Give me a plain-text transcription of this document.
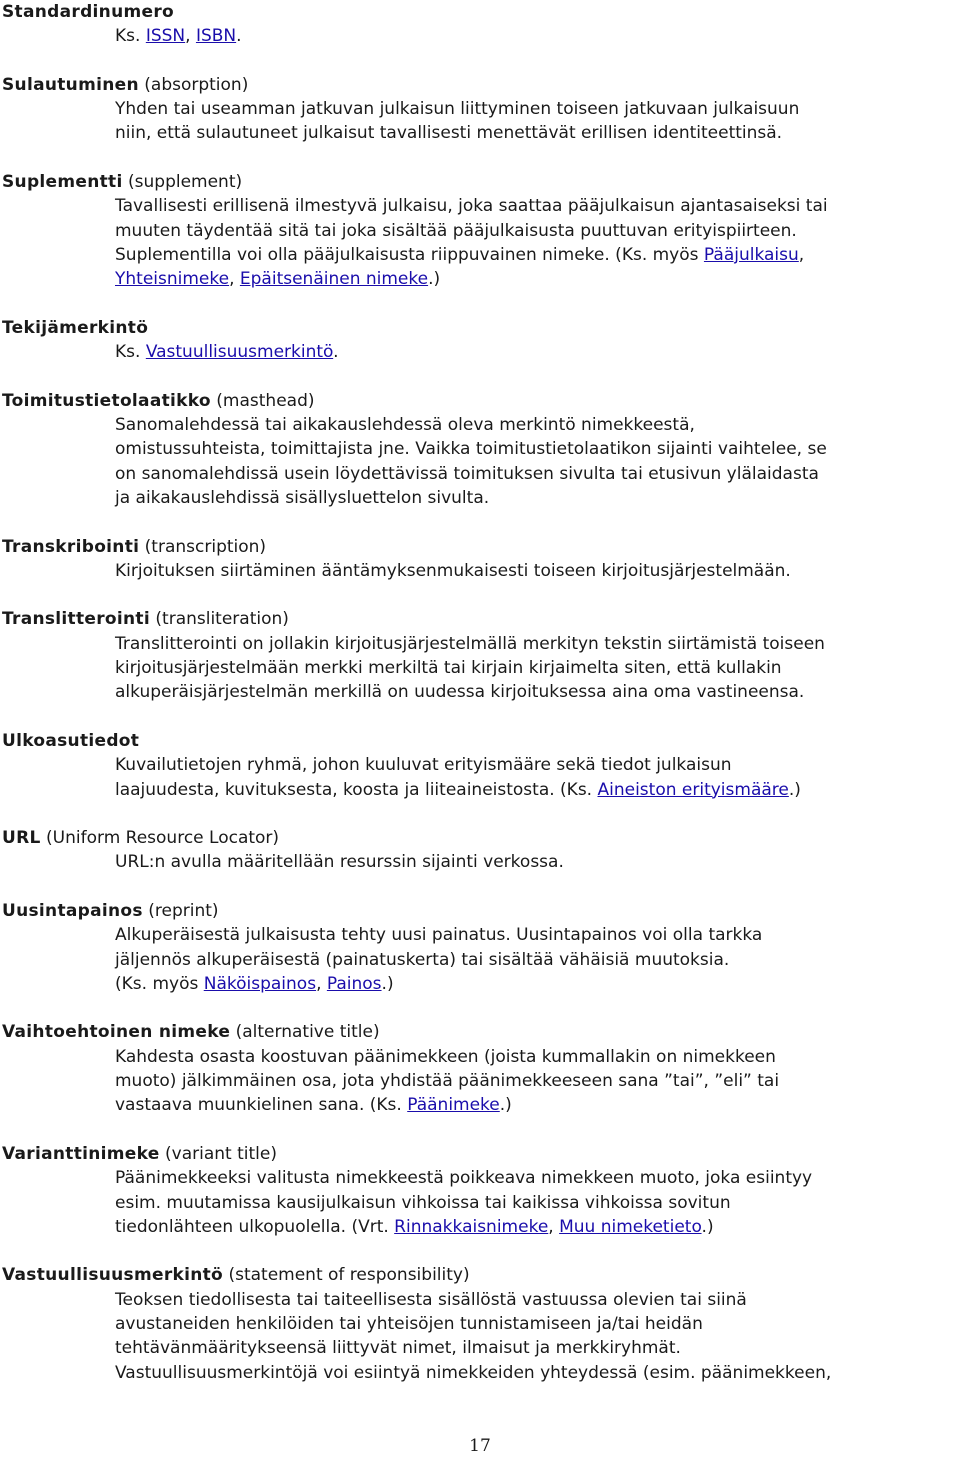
Standardinumero
Ks. ISSN, ISBN.
Sulautuminen (absorption)
Yhden tai useamman jatkuvan julkaisun liittyminen toiseen jatkuvaan julkaisuun
niin, että sulautuneet julkaisut tavallisesti menettävät erillisen identiteettinsä.
Suplementti (supplement)
Tavallisesti erillisenä ilmestyvä julkaisu, joka saattaa pääjulkaisun ajantasaiseksi tai
muuten täydentää sitä tai joka sisältää pääjulkaisusta puuttuvan erityispiirteen.
Suplementilla voi olla pääjulkaisusta riippuvainen nimeke. (Ks. myös Pääjulkaisu,
Yhteisnimeke, Epäitsenäinen nimeke.)
Tekijämerkintö
Ks. Vastuullisuusmerkintö.
Toimitustietolaatikko (masthead)
Sanomalehdessä tai aikakauslehdessä oleva merkintö nimekkeestä,
omistussuhteista, toimittajista jne. Vaikka toimitustietolaatikon sijainti vaihtelee, se
on sanomalehdissä usein löydettävissä toimituksen sivulta tai etusivun ylälaidasta
ja aikakauslehdissä sisällysluettelon sivulta.
Transkribointi (transcription)
Kirjoituksen siirtäminen ääntämyksenmukaisesti toiseen kirjoitusjärjestelmään.
Translitterointi (transliteration)
Translitterointi on jollakin kirjoitusjärjestelmällä merkityn tekstin siirtämistä toiseen
kirjoitusjärjestelmään merkki merkiltä tai kirjain kirjaimelta siten, että kullakin
alkuperäisjärjestelmän merkillä on uudessa kirjoituksessa aina oma vastineensa.
Ulkoasutiedot
Kuvailutietojen ryhmä, johon kuuluvat erityismääre sekä tiedot julkaisun
laajuudesta, kuvituksesta, koosta ja liiteaineistosta. (Ks. Aineiston erityismääre.)
URL (Uniform Resource Locator)
URL:n avulla määritellään resurssin sijainti verkossa.
Uusintapainos (reprint)
Alkuperäisestä julkaisusta tehty uusi painatus. Uusintapainos voi olla tarkka
jäljennös alkuperäisestä (painatuskerta) tai sisältää vähäisiä muutoksia.
(Ks. myös Näköispainos, Painos.)
Vaihtoehtoinen nimeke (alternative title)
Kahdesta osasta koostuvan päänimekkeen (joista kummallakin on nimekkeen
muoto) jälkimmäinen osa, jota yhdistää päänimekkeeseen sana ”tai”, ”eli” tai
vastaava muunkielinen sana. (Ks. Päänimeke.)
Varianttinimeke (variant title)
Päänimekkeeksi valitusta nimekkeestä poikkeava nimekkeen muoto, joka esiintyy
esim. muutamissa kausijulkaisun vihkoissa tai kaikissa vihkoissa sovitun
tiedonlähteen ulkopuolella. (Vrt. Rinnakkaisnimeke, Muu nimeketieto.)
Vastuullisuusmerkintö (statement of responsibility)
Teoksen tiedollisesta tai taiteellisesta sisällöstä vastuussa olevien tai siinä
avustaneiden henkilöiden tai yhteisöjen tunnistamiseen ja/tai heidän
tehtävänmääritykseensä liittyvät nimet, ilmaisut ja merkkiryhmät.
Vastuullisuusmerkintöjä voi esiintyä nimekkeiden yhteydessä (esim. päänimekkeen,
17
